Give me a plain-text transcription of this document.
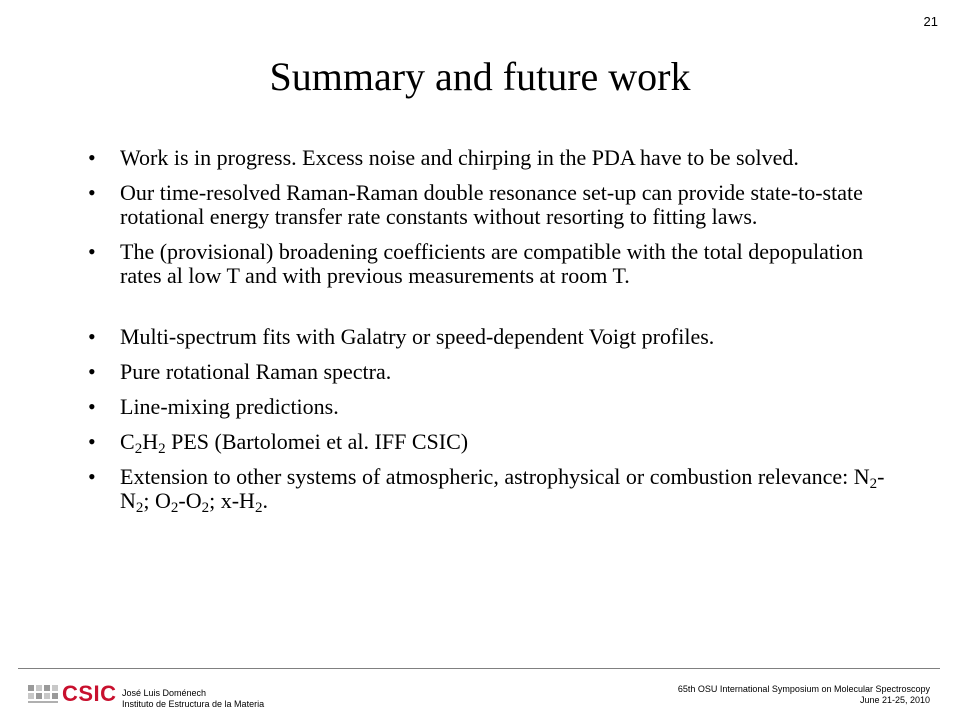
21
Summary and future work
• Work is in progress. Excess noise and chirping in the PDA have to be solved.
• Our time-resolved Raman-Raman double resonance set-up can provide state-to-state rotational energy transfer rate constants without resorting to fitting laws.
• The (provisional) broadening coefficients are compatible with the total depopulation rates al low T and with previous measurements at room T.
• Multi-spectrum fits with Galatry or speed-dependent Voigt profiles.
• Pure rotational Raman spectra.
• Line-mixing predictions.
• $C_2H_2$ PES (Bartolomei et al. IFF CSIC)
• Extension to other systems of atmospheric, astrophysical or combustion relevance: $N_2-N_2$; $O_2-O_2$; $x-H_2$.
CSIC José Luis Doménech
Instituto de Estructura de la Materia
65th OSU International Symposium on Molecular Spectroscopy
June 21-25, 2010
